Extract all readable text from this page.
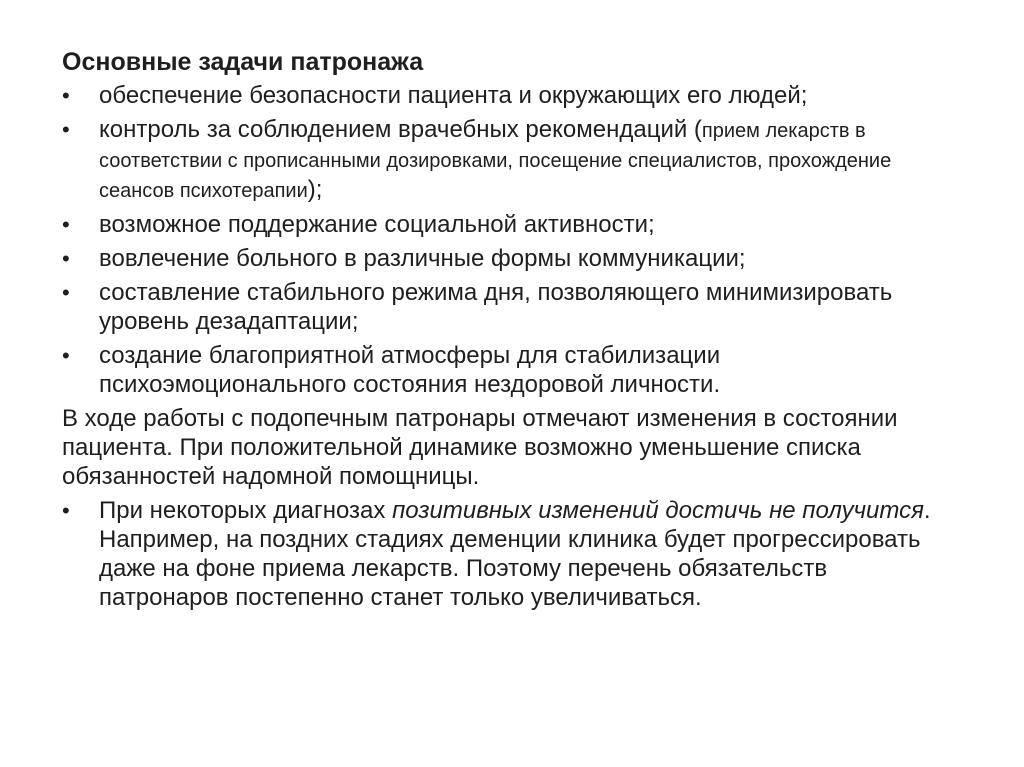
Основные задачи патронажа
• обеспечение безопасности пациента и окружающих его людей;
• контроль за соблюдением врачебных рекомендаций (прием лекарств в соответствии с прописанными дозировками, посещение специалистов, прохождение сеансов психотерапии);
• возможное поддержание социальной активности;
• вовлечение больного в различные формы коммуникации;
• составление стабильного режима дня, позволяющего минимизировать уровень дезадаптации;
• создание благоприятной атмосферы для стабилизации психоэмоционального состояния нездоровой личности.
В ходе работы с подопечным патронары отмечают изменения в состоянии пациента. При положительной динамике возможно уменьшение списка обязанностей надомной помощницы.
• При некоторых диагнозах позитивных изменений достичь не получится. Например, на поздних стадиях деменции клиника будет прогрессировать даже на фоне приема лекарств. Поэтому перечень обязательств патронаров постепенно станет только увеличиваться.
